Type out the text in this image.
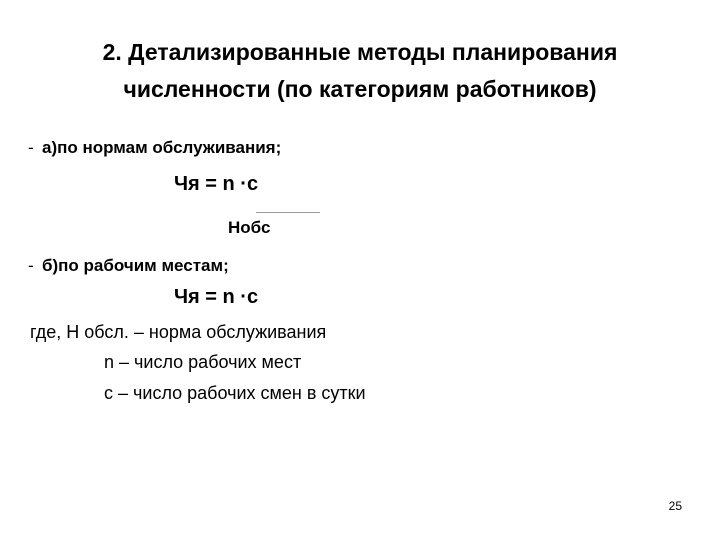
2. Детализированные методы планирования
численности (по категориям работников)
- а)по нормам обслуживания;
Чя = n ·c
Нобс
- б)по рабочим местам;
Чя = n ·c
где, Н обсл. – норма обслуживания
n – число рабочих мест
с – число рабочих смен в сутки
25
